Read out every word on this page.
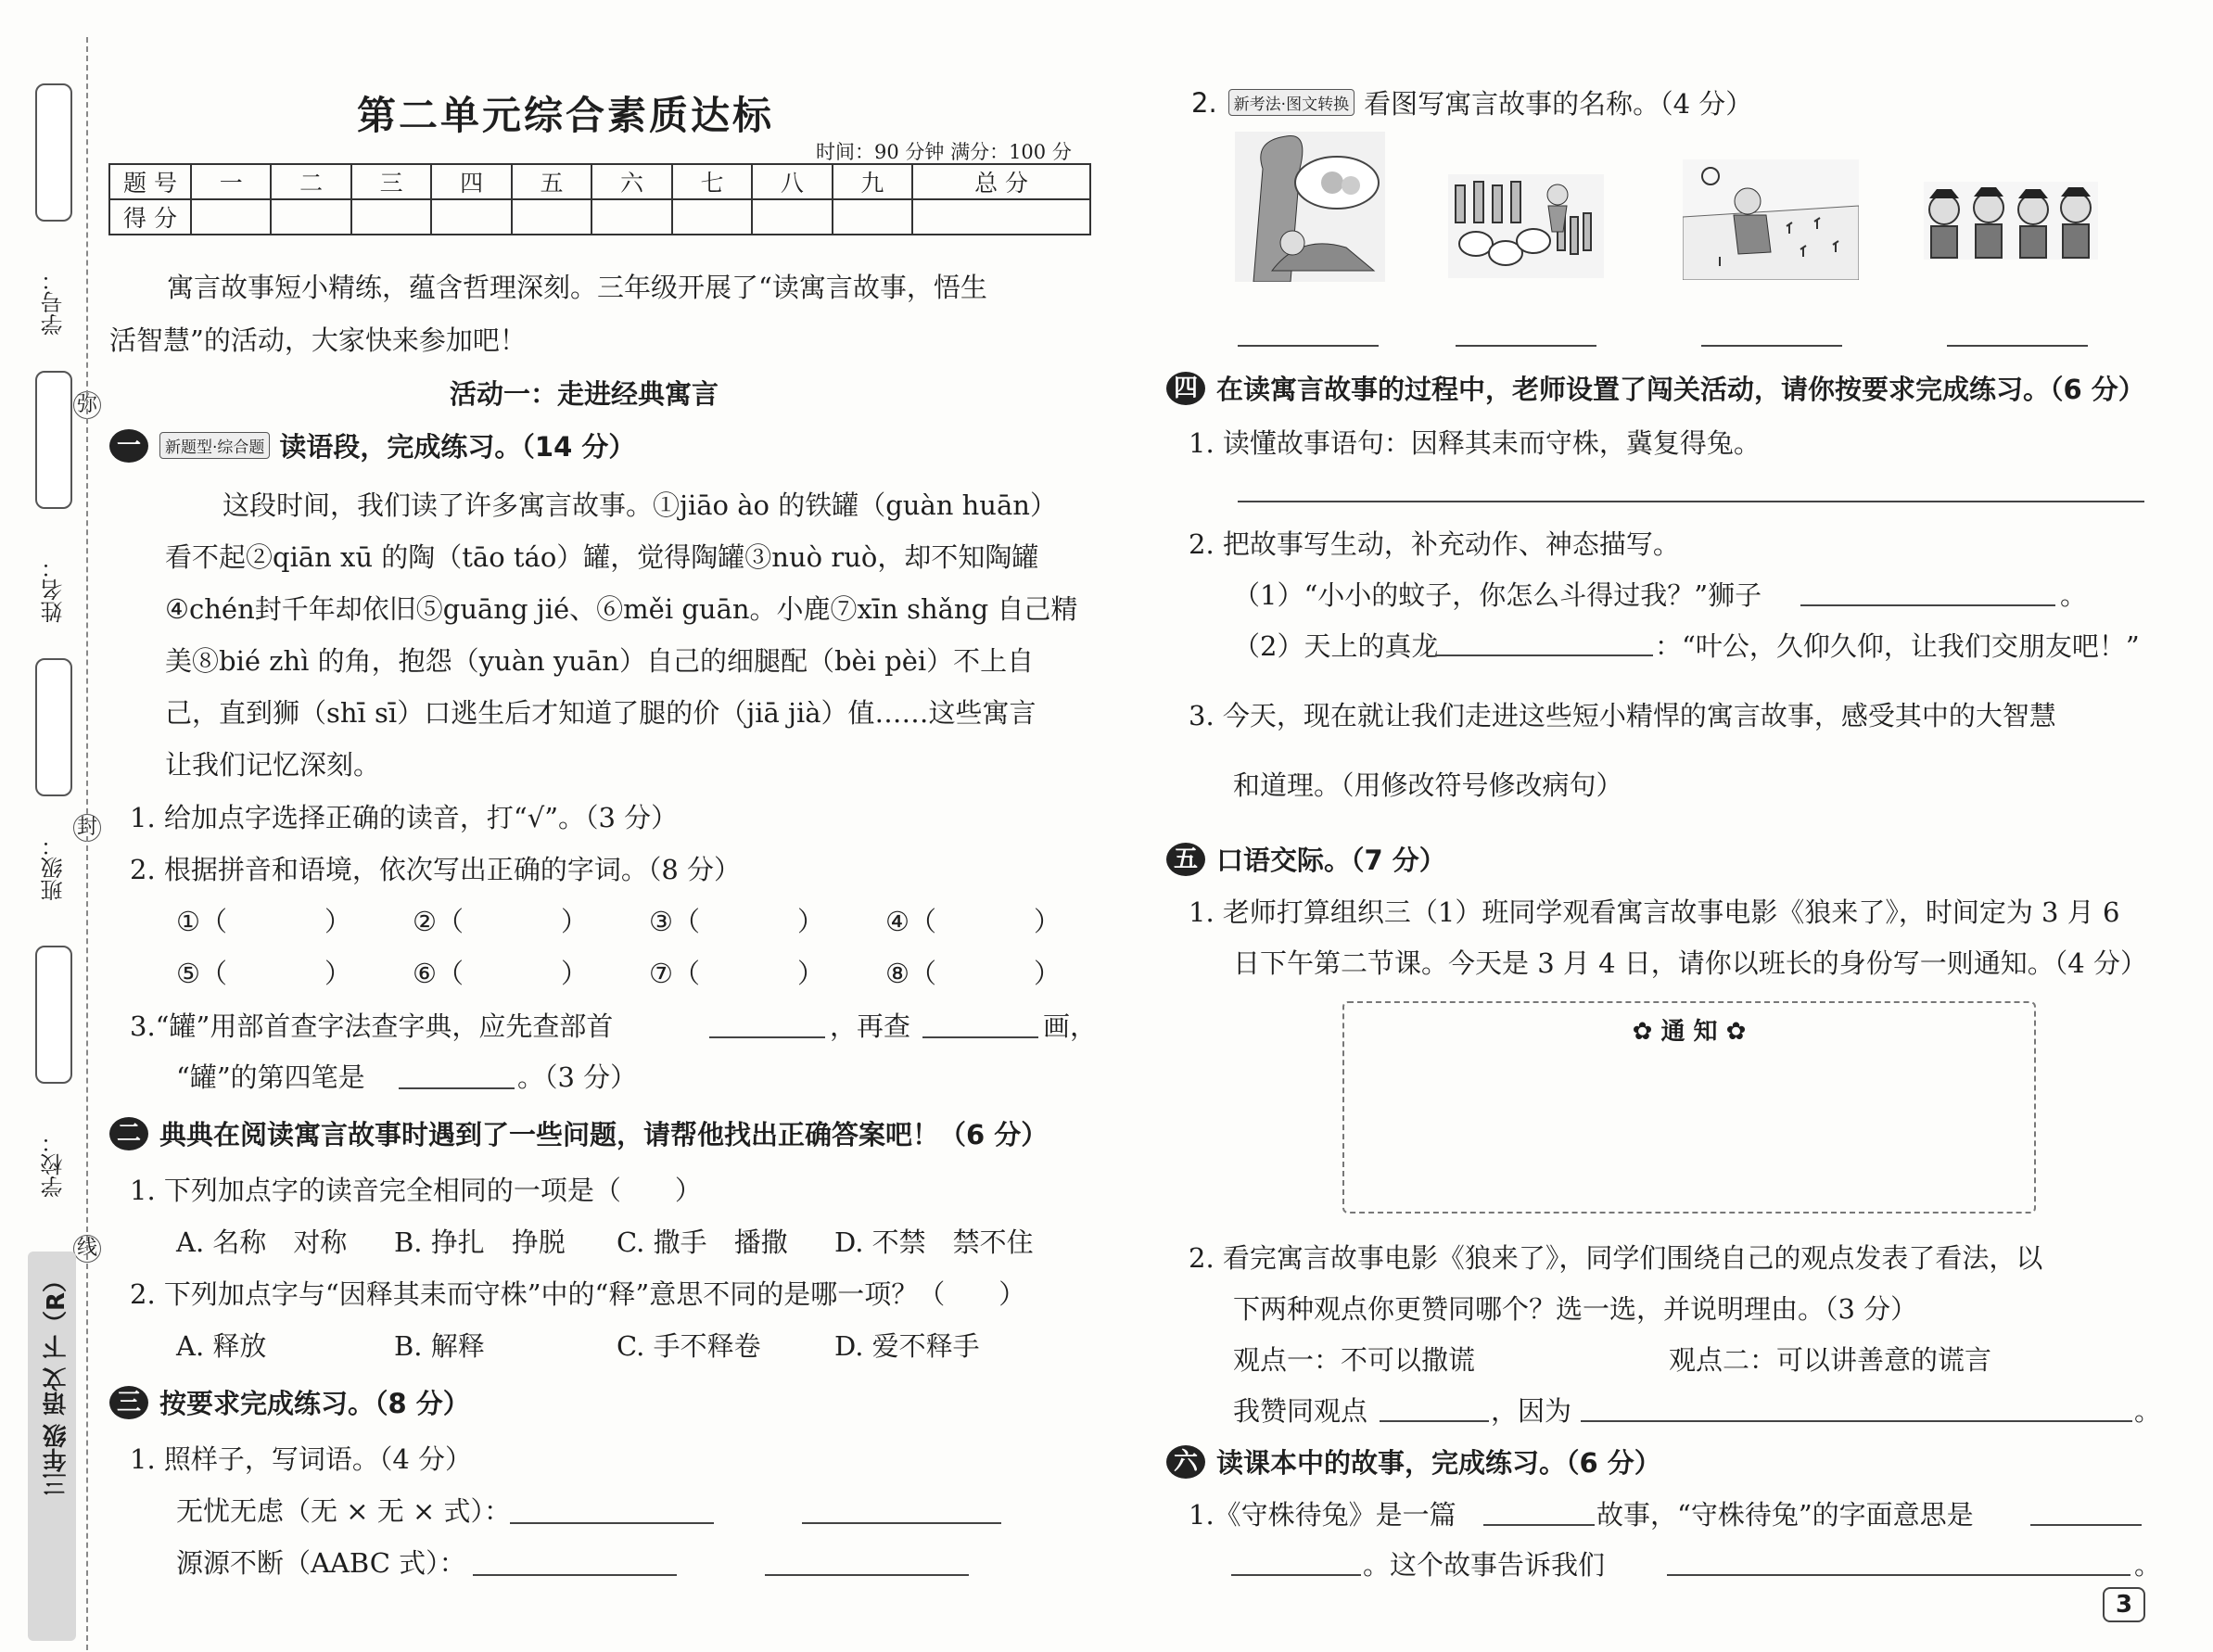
学号：
姓名：
班级：
学校：
弥
封
线
三年级 语文 下（R）
第二单元综合素质达标
时间：90 分钟 满分：100 分
题 号	一	二	三	四	五	六	七	八	九	总 分
得 分										
寓言故事短小精练，蕴含哲理深刻。三年级开展了“读寓言故事，悟生
活智慧”的活动，大家快来参加吧！
活动一：走进经典寓言
一	新题型·综合题 读语段，完成练习。（14 分）
这段时间，我们读了许多寓言故事。①jiāo ào 的铁罐（guàn huān）
看不起②qiān xū 的陶（tāo táo）罐，觉得陶罐③nuò ruò，却不知陶罐
④chén封千年却依旧⑤guāng jié、⑥měi guān。小鹿⑦xīn shǎng 自己精
美⑧bié zhì 的角，抱怨（yuàn yuān）自己的细腿配（bèi pèi）不上自
己，直到狮（shī sī）口逃生后才知道了腿的价（jiā jià）值……这些寓言
让我们记忆深刻。
1. 给加点字选择正确的读音，打“√”。（3 分）
2. 根据拼音和语境，依次写出正确的字词。（8 分）
①（	） ②（	） ③（	） ④（	）
⑤（	） ⑥（	） ⑦（	） ⑧（	）
3.“罐”用部首查字法查字典，应先查部首	，再查	画，
“罐”的第四笔是	。（3 分）
二 典典在阅读寓言故事时遇到了一些问题，请帮他找出正确答案吧！（6 分）
1. 下列加点字的读音完全相同的一项是（　　）
A. 名称　对称 B. 挣扎　挣脱 C. 撒手　播撒 D. 不禁　禁不住
2. 下列加点字与“因释其耒而守株”中的“释”意思不同的是哪一项？（　　）
A. 释放	B. 解释	C. 手不释卷	D. 爱不释手
三 按要求完成练习。（8 分）
1. 照样子，写词语。（4 分）
无忧无虑（无 × 无 × 式）：
源源不断（AABC 式）：
2.	新考法·图文转换 看图写寓言故事的名称。（4 分）
四 在读寓言故事的过程中，老师设置了闯关活动，请你按要求完成练习。（6 分）
1. 读懂故事语句：因释其耒而守株，冀复得兔。
2. 把故事写生动，补充动作、神态描写。
（1）“小小的蚊子，你怎么斗得过我？”狮子	。
（2）天上的真龙	：“叶公，久仰久仰，让我们交朋友吧！”
3. 今天，现在就让我们走进这些短小精悍的寓言故事，感受其中的大智慧
和道理。（用修改符号修改病句）
五 口语交际。（7 分）
1. 老师打算组织三（1）班同学观看寓言故事电影《狼来了》，时间定为 3 月 6
日下午第二节课。今天是 3 月 4 日，请你以班长的身份写一则通知。（4 分）
✿ 通 知 ✿
2. 看完寓言故事电影《狼来了》，同学们围绕自己的观点发表了看法，以
下两种观点你更赞同哪个？选一选，并说明理由。（3 分）
观点一：不可以撒谎	观点二：可以讲善意的谎言
我赞同观点	，因为	。
六 读课本中的故事，完成练习。（6 分）
1.《守株待兔》是一篇	故事，“守株待兔”的字面意思是
。这个故事告诉我们	。
3
